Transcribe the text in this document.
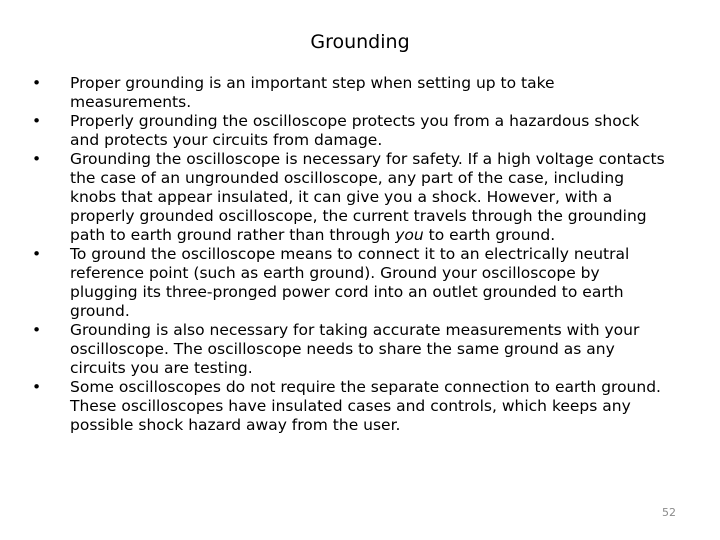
Grounding
•	Proper grounding is an important step when setting up to take measurements.
•	Properly grounding the oscilloscope protects you from a hazardous shock and protects your circuits from damage.
•	Grounding the oscilloscope is necessary for safety. If a high voltage contacts the case of an ungrounded oscilloscope, any part of the case, including knobs that appear insulated, it can give you a shock. However, with a properly grounded oscilloscope, the current travels through the grounding path to earth ground rather than through you to earth ground.
•	To ground the oscilloscope means to connect it to an electrically neutral reference point (such as earth ground). Ground your oscilloscope by plugging its three-pronged power cord into an outlet grounded to earth ground.
•	Grounding is also necessary for taking accurate measurements with your oscilloscope. The oscilloscope needs to share the same ground as any circuits you are testing.
•	Some oscilloscopes do not require the separate connection to earth ground. These oscilloscopes have insulated cases and controls, which keeps any possible shock hazard away from the user.
52
